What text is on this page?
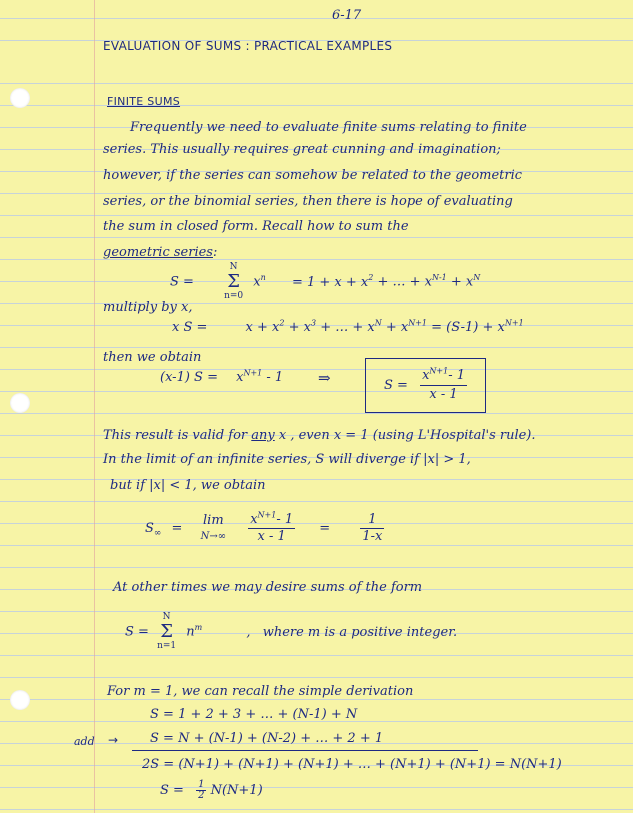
6-17
EVALUATION OF SUMS : PRACTICAL EXAMPLES
FINITE SUMS
Frequently we need to evaluate finite sums relating to finite
series. This usually requires great cunning and imagination;
however, if the series can somehow be related to the geometric
series, or the binomial series, then there is hope of evaluating
the sum in closed form. Recall how to sum the
geometric series:
S =
N
Σ
n=0
$x^n = 1 + x + x^2$ + … + $x^{N-1} + x^N$
multiply by x,
x S =	$x + x^2 + x^3$ + … + $x^N + x^{N+1} = (S-1) + x^{N+1}$
then we obtain
(x-1) $S = x^{N+1} - 1$ ⇒	$S = \frac{x^{N+1}- 1}{x - 1}$
This result is valid for any x , even x = 1 (using L'Hospital's rule).
In the limit of an infinite series, S will diverge if |x| > 1,
but if |x| < 1, we obtain
$S_\infty$ =
lim
N→∞
$\frac{x^{N+1}- 1}{x - 1} = \frac{1}{1-x}$
At other times we may desire sums of the form
S =
N
Σ
n=1
$n^m$	, where m is a positive integer.
For m = 1, we can recall the simple derivation
S = 1 + 2 + 3 + … + (N-1) + N
add → S = N + (N-1) + (N-2) + … + 2 + 1
2S = (N+1) + (N+1) + (N+1) + … + (N+1) + (N+1) = N(N+1)
$S = \frac{1}{2} N(N+1)$
